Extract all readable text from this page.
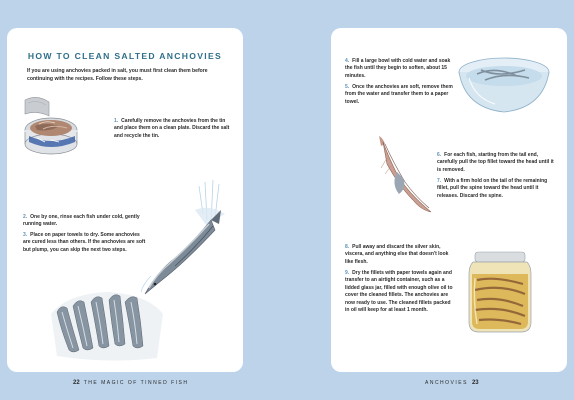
HOW TO CLEAN SALTED ANCHOVIES
If you are using anchovies packed in salt, you must first clean them before continuing with the recipes. Follow these steps.
1. Carefully remove the anchovies from the tin and place them on a clean plate. Discard the salt and recycle the tin.
2. One by one, rinse each fish under cold, gently running water.
3. Place on paper towels to dry. Some anchovies are cured less than others. If the anchovies are soft but plump, you can skip the next two steps.
22 THE MAGIC OF TINNED FISH
4. Fill a large bowl with cold water and soak the fish until they begin to soften, about 15 minutes.
5. Once the anchovies are soft, remove them from the water and transfer them to a paper towel.
6. For each fish, starting from the tail end, carefully pull the top fillet toward the head until it is removed.
7. With a firm hold on the tail of the remaining fillet, pull the spine toward the head until it releases. Discard the spine.
8. Pull away and discard the silver skin, viscera, and anything else that doesn't look like flesh.
9. Dry the fillets with paper towels again and transfer to an airtight container, such as a lidded glass jar, filled with enough olive oil to cover the cleaned fillets. The anchovies are now ready to use. The cleaned fillets packed in oil will keep for at least 1 month.
ANCHOVIES 23
